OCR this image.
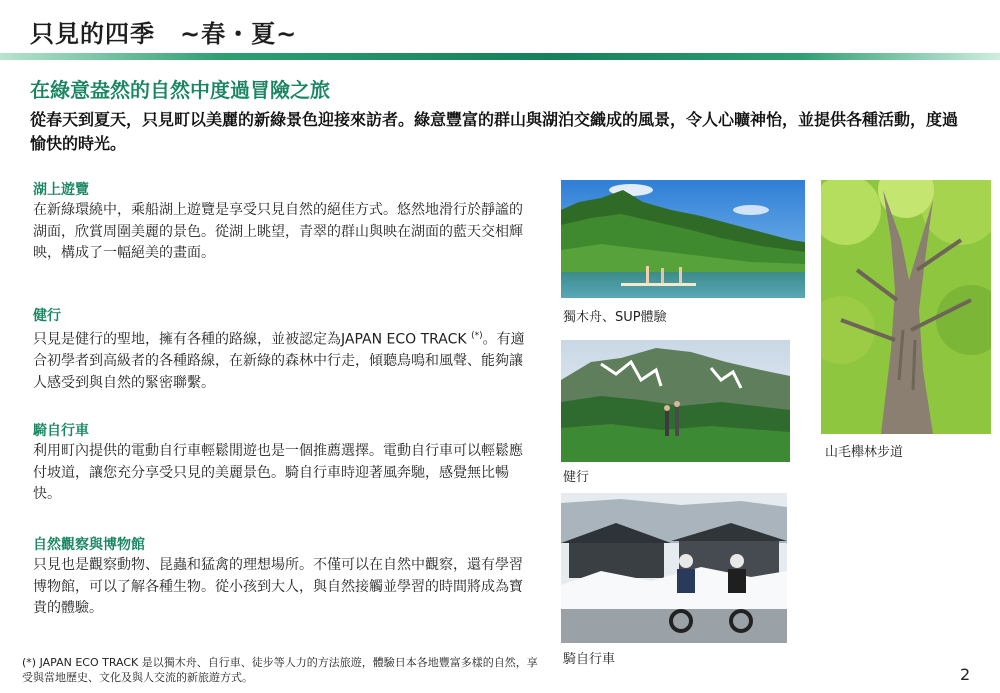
只見的四季　~春・夏~
在綠意盎然的自然中度過冒險之旅
從春天到夏天，只見町以美麗的新綠景色迎接來訪者。綠意豐富的群山與湖泊交織成的風景，令人心曠神怡，並提供各種活動，度過愉快的時光。
湖上遊覽
在新綠環繞中，乘船湖上遊覽是享受只見自然的絕佳方式。悠然地滑行於靜謐的湖面，欣賞周圍美麗的景色。從湖上眺望，青翠的群山與映在湖面的藍天交相輝映，構成了一幅絕美的畫面。
健行
只見是健行的聖地，擁有各種的路線，並被認定為JAPAN ECO TRACK (*)。有適合初學者到高級者的各種路線，在新綠的森林中行走，傾聽鳥鳴和風聲、能夠讓人感受到與自然的緊密聯繫。
騎自行車
利用町內提供的電動自行車輕鬆閒遊也是一個推薦選擇。電動自行車可以輕鬆應付坡道，讓您充分享受只見的美麗景色。騎自行車時迎著風奔馳，感覺無比暢快。
自然觀察與博物館
只見也是觀察動物、昆蟲和猛禽的理想場所。不僅可以在自然中觀察，還有學習博物館，可以了解各種生物。從小孩到大人，與自然接觸並學習的時間將成為寶貴的體驗。
獨木舟、SUP體驗
健行
騎自行車
山毛櫸林步道
(*) JAPAN ECO TRACK 是以獨木舟、自行車、徒步等人力的方法旅遊，體驗日本各地豐富多樣的自然，享受與當地歷史、文化及與人交流的新旅遊方式。	2
